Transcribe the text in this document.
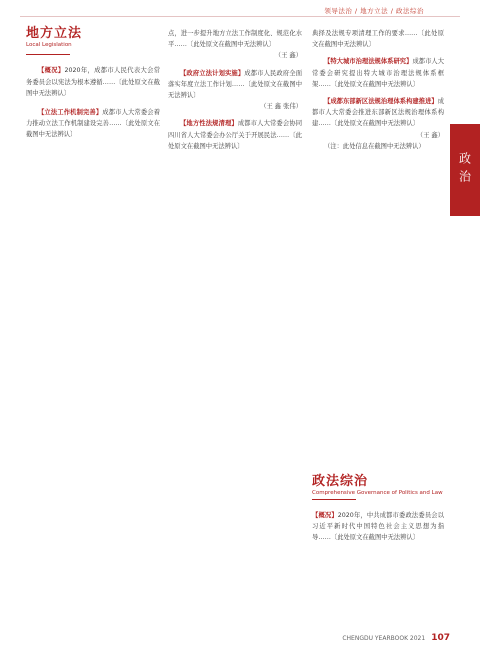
领导法治 / 地方立法 / 政法综治
政治
地方立法
Local Legislation
【概况】2020年，成都市人民代表大会常务委员会以宪法为根本遵循……〔此处原文在截图中无法辨认〕
【立法工作机制完善】成都市人大常委会着力推动立法工作机制建设完善……〔此处原文在截图中无法辨认〕
点，进一步提升地方立法工作制度化、规范化水平……〔此处原文在截图中无法辨认〕
（王 鑫）
【政府立法计划实施】成都市人民政府全面落实年度立法工作计划……〔此处原文在截图中无法辨认〕
（王 鑫 张伟）
【地方性法规清理】成都市人大常委会协同四川省人大常委会办公厅关于开展民法……〔此处原文在截图中无法辨认〕
典择及法规专项清理工作的要求……〔此处原文在截图中无法辨认〕
【特大城市治理法规体系研究】成都市人大常委会研究提出特大城市治理法规体系框架……〔此处原文在截图中无法辨认〕
【成都东部新区法规治理体系构建推进】成都市人大常委会推进东部新区法规治理体系构建……〔此处原文在截图中无法辨认〕
（王 鑫）
（注：此处信息在截图中无法辨认）
政法综治
Comprehensive Governance of Politics and Law
【概况】2020年，中共成都市委政法委员会以习近平新时代中国特色社会主义思想为指导……〔此处原文在截图中无法辨认〕
CHENGDU YEARBOOK 2021 107
